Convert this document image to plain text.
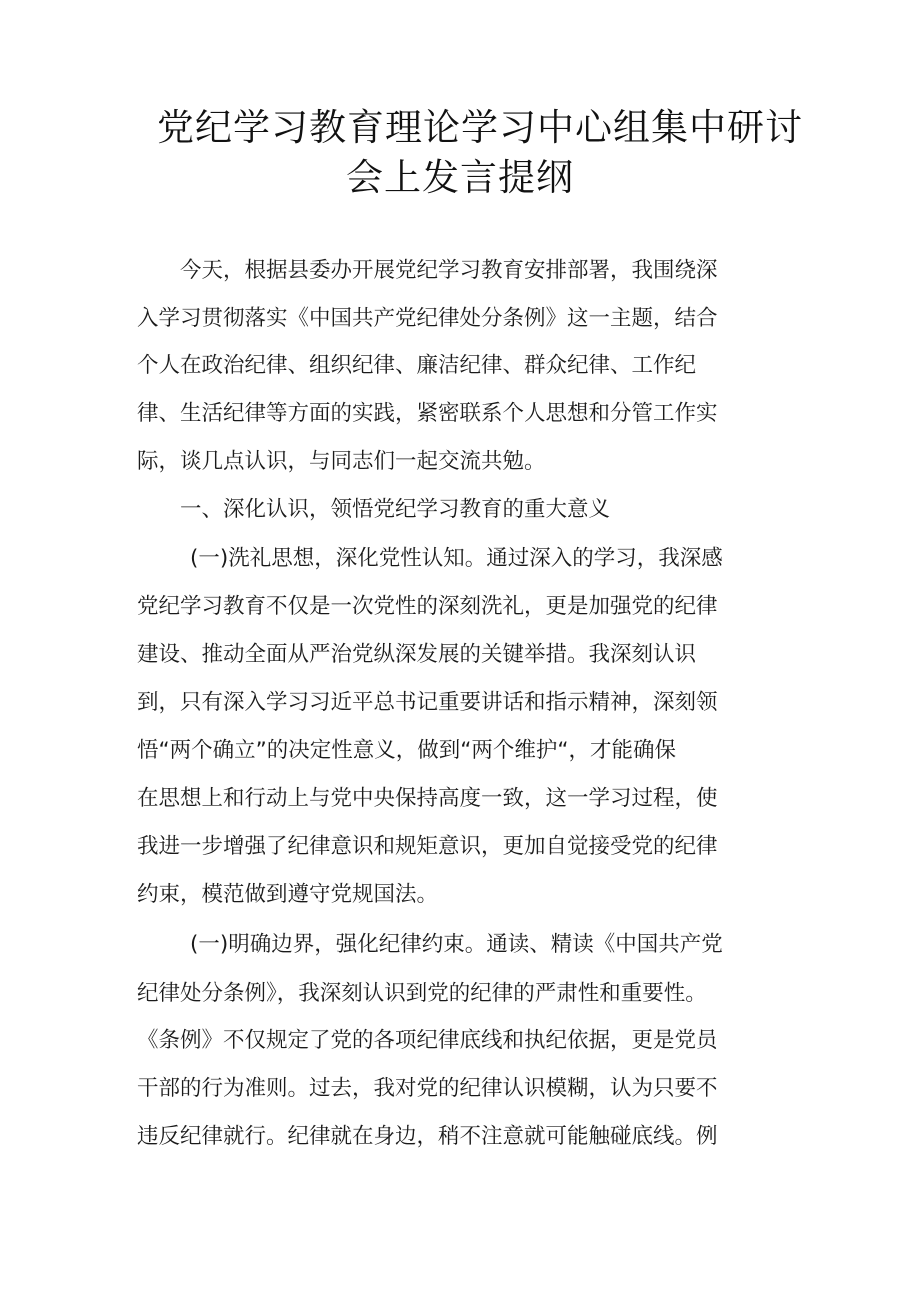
党纪学习教育理论学习中心组集中研讨
会上发言提纲

今天，根据县委办开展党纪学习教育安排部署，我围绕深

入学习贯彻落实《中国共产党纪律处分条例》这一主题，结合

个人在政治纪律、组织纪律、廉洁纪律、群众纪律、工作纪

律、生活纪律等方面的实践，紧密联系个人思想和分管工作实

际，谈几点认识，与同志们一起交流共勉。

一、深化认识，领悟党纪学习教育的重大意义

(一)洗礼思想，深化党性认知。通过深入的学习，我深感

党纪学习教育不仅是一次党性的深刻洗礼，更是加强党的纪律

建设、推动全面从严治党纵深发展的关键举措。我深刻认识

到，只有深入学习习近平总书记重要讲话和指示精神，深刻领

悟“两个确立”的决定性意义，做到“两个维护“，才能确保

在思想上和行动上与党中央保持高度一致，这一学习过程，使

我进一步增强了纪律意识和规矩意识，更加自觉接受党的纪律

约束，模范做到遵守党规国法。

(一)明确边界，强化纪律约束。通读、精读《中国共产党

纪律处分条例》，我深刻认识到党的纪律的严肃性和重要性。

《条例》不仅规定了党的各项纪律底线和执纪依据，更是党员

干部的行为准则。过去，我对党的纪律认识模糊，认为只要不

违反纪律就行。纪律就在身边，稍不注意就可能触碰底线。例
